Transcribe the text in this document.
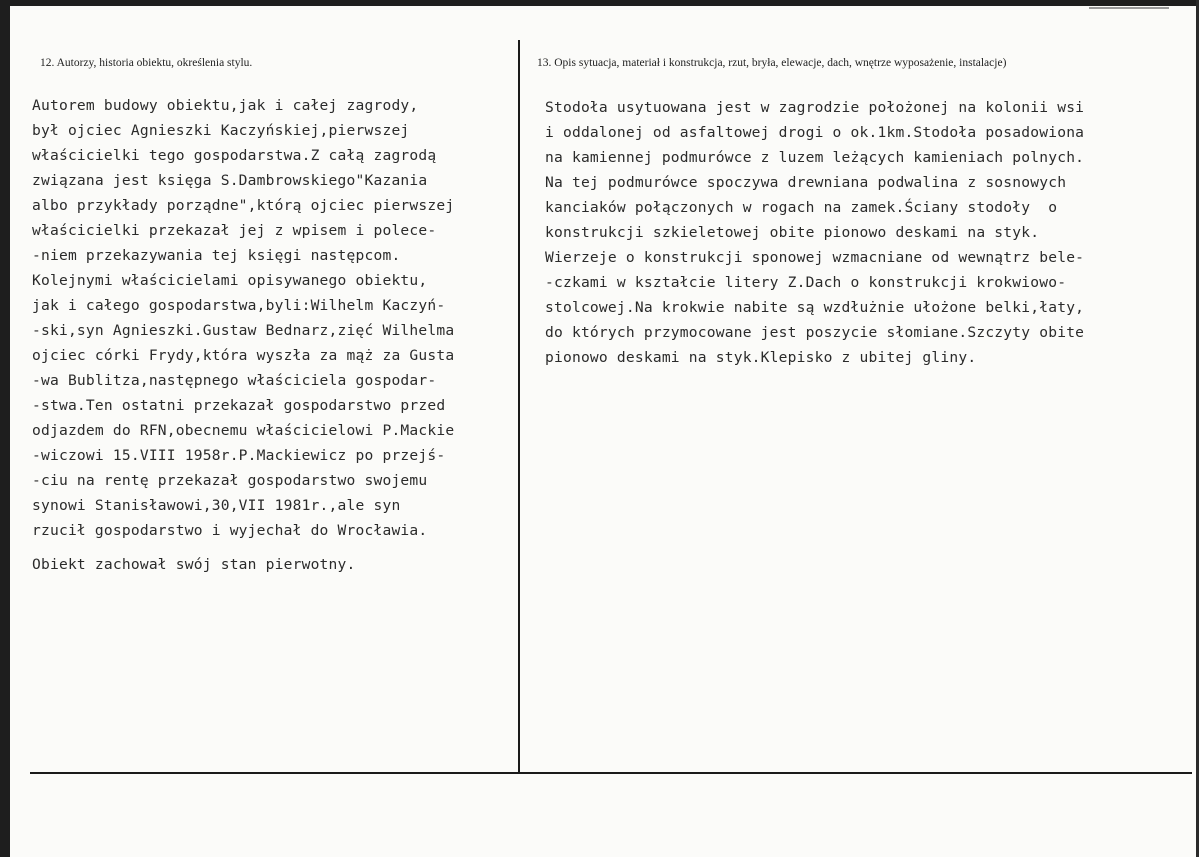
12. Autorzy, historia obiektu, określenia stylu.	13. Opis sytuacja, materiał i konstrukcja, rzut, bryła, elewacje, dach, wnętrze wyposażenie, instalacje)
Autorem budowy obiektu,jak i całej zagrody,
był ojciec Agnieszki Kaczyńskiej,pierwszej
właścicielki tego gospodarstwa.Z całą zagrodą
związana jest księga S.Dambrowskiego"Kazania
albo przykłady porządne",którą ojciec pierwszej
właścicielki przekazał jej z wpisem i polece-
-niem przekazywania tej księgi następcom.
Kolejnymi właścicielami opisywanego obiektu,
jak i całego gospodarstwa,byli:Wilhelm Kaczyń-
-ski,syn Agnieszki.Gustaw Bednarz,zięć Wilhelma
ojciec córki Frydy,która wyszła za mąż za Gusta
-wa Bublitza,następnego właściciela gospodar-
-stwa.Ten ostatni przekazał gospodarstwo przed
odjazdem do RFN,obecnemu właścicielowi P.Mackie
-wiczowi 15.VIII 1958r.P.Mackiewicz po przejś-
-ciu na rentę przekazał gospodarstwo swojemu
synowi Stanisławowi,30,VII 1981r.,ale syn
rzucił gospodarstwo i wyjechał do Wrocławia.
Obiekt zachował swój stan pierwotny.
Stodoła usytuowana jest w zagrodzie położonej na kolonii wsi
i oddalonej od asfaltowej drogi o ok.1km.Stodoła posadowiona
na kamiennej podmurówce z luzem leżących kamieniach polnych.
Na tej podmurówce spoczywa drewniana podwalina z sosnowych
kanciaków połączonych w rogach na zamek.Ściany stodoły  o
konstrukcji szkieletowej obite pionowo deskami na styk.
Wierzeje o konstrukcji sponowej wzmacniane od wewnątrz bele-
-czkami w kształcie litery Z.Dach o konstrukcji krokwiowo-
stolcowej.Na krokwie nabite są wzdłużnie ułożone belki,łaty,
do których przymocowane jest poszycie słomiane.Szczyty obite
pionowo deskami na styk.Klepisko z ubitej gliny.
